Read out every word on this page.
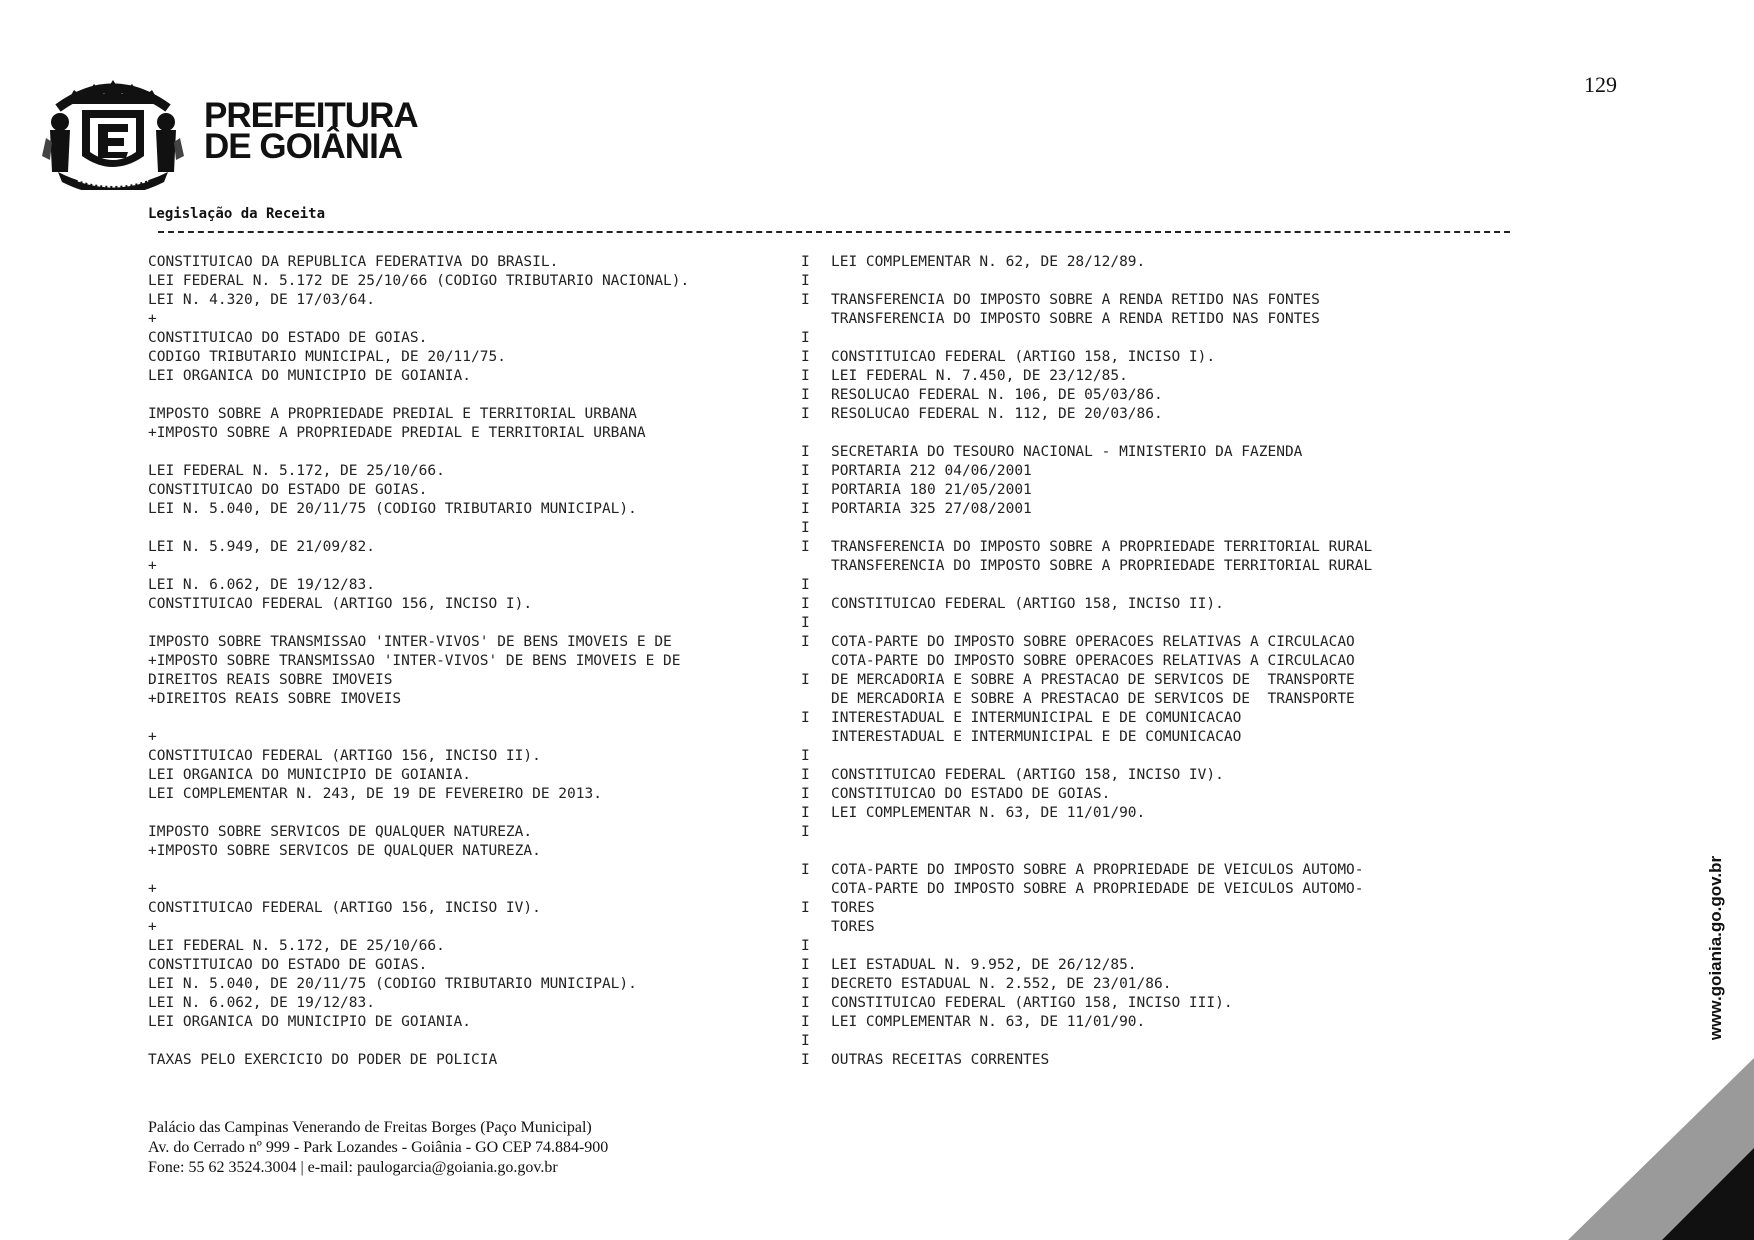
PREFEITURA
DE GOIÂNIA
129
Legislação da Receita
CONSTITUICAO DA REPUBLICA FEDERATIVA DO BRASIL.
LEI FEDERAL N. 5.172 DE 25/10/66 (CODIGO TRIBUTARIO NACIONAL).
LEI N. 4.320, DE 17/03/64.
+
CONSTITUICAO DO ESTADO DE GOIAS.
CODIGO TRIBUTARIO MUNICIPAL, DE 20/11/75.
LEI ORGANICA DO MUNICIPIO DE GOIANIA.

IMPOSTO SOBRE A PROPRIEDADE PREDIAL E TERRITORIAL URBANA
+IMPOSTO SOBRE A PROPRIEDADE PREDIAL E TERRITORIAL URBANA

LEI FEDERAL N. 5.172, DE 25/10/66.
CONSTITUICAO DO ESTADO DE GOIAS.
LEI N. 5.040, DE 20/11/75 (CODIGO TRIBUTARIO MUNICIPAL).

LEI N. 5.949, DE 21/09/82.
+
LEI N. 6.062, DE 19/12/83.
CONSTITUICAO FEDERAL (ARTIGO 156, INCISO I).

IMPOSTO SOBRE TRANSMISSAO 'INTER-VIVOS' DE BENS IMOVEIS E DE
+IMPOSTO SOBRE TRANSMISSAO 'INTER-VIVOS' DE BENS IMOVEIS E DE
DIREITOS REAIS SOBRE IMOVEIS
+DIREITOS REAIS SOBRE IMOVEIS

+
CONSTITUICAO FEDERAL (ARTIGO 156, INCISO II).
LEI ORGANICA DO MUNICIPIO DE GOIANIA.
LEI COMPLEMENTAR N. 243, DE 19 DE FEVEREIRO DE 2013.

IMPOSTO SOBRE SERVICOS DE QUALQUER NATUREZA.
+IMPOSTO SOBRE SERVICOS DE QUALQUER NATUREZA.

+
CONSTITUICAO FEDERAL (ARTIGO 156, INCISO IV).
+
LEI FEDERAL N. 5.172, DE 25/10/66.
CONSTITUICAO DO ESTADO DE GOIAS.
LEI N. 5.040, DE 20/11/75 (CODIGO TRIBUTARIO MUNICIPAL).
LEI N. 6.062, DE 19/12/83.
LEI ORGANICA DO MUNICIPIO DE GOIANIA.

TAXAS PELO EXERCICIO DO PODER DE POLICIA
I
I
I

I
I
I
I
I

I
I
I
I
I
I

I
I
I
I

I

I

I
I
I
I
I

I

I

I
I
I
I
I
I
I
LEI COMPLEMENTAR N. 62, DE 28/12/89.

TRANSFERENCIA DO IMPOSTO SOBRE A RENDA RETIDO NAS FONTES
TRANSFERENCIA DO IMPOSTO SOBRE A RENDA RETIDO NAS FONTES

CONSTITUICAO FEDERAL (ARTIGO 158, INCISO I).
LEI FEDERAL N. 7.450, DE 23/12/85.
RESOLUCAO FEDERAL N. 106, DE 05/03/86.
RESOLUCAO FEDERAL N. 112, DE 20/03/86.

SECRETARIA DO TESOURO NACIONAL - MINISTERIO DA FAZENDA
PORTARIA 212 04/06/2001
PORTARIA 180 21/05/2001
PORTARIA 325 27/08/2001

TRANSFERENCIA DO IMPOSTO SOBRE A PROPRIEDADE TERRITORIAL RURAL
TRANSFERENCIA DO IMPOSTO SOBRE A PROPRIEDADE TERRITORIAL RURAL

CONSTITUICAO FEDERAL (ARTIGO 158, INCISO II).

COTA-PARTE DO IMPOSTO SOBRE OPERACOES RELATIVAS A CIRCULACAO
COTA-PARTE DO IMPOSTO SOBRE OPERACOES RELATIVAS A CIRCULACAO
DE MERCADORIA E SOBRE A PRESTACAO DE SERVICOS DE  TRANSPORTE
DE MERCADORIA E SOBRE A PRESTACAO DE SERVICOS DE  TRANSPORTE
INTERESTADUAL E INTERMUNICIPAL E DE COMUNICACAO
INTERESTADUAL E INTERMUNICIPAL E DE COMUNICACAO

CONSTITUICAO FEDERAL (ARTIGO 158, INCISO IV).
CONSTITUICAO DO ESTADO DE GOIAS.
LEI COMPLEMENTAR N. 63, DE 11/01/90.

COTA-PARTE DO IMPOSTO SOBRE A PROPRIEDADE DE VEICULOS AUTOMO-
COTA-PARTE DO IMPOSTO SOBRE A PROPRIEDADE DE VEICULOS AUTOMO-
TORES
TORES

LEI ESTADUAL N. 9.952, DE 26/12/85.
DECRETO ESTADUAL N. 2.552, DE 23/01/86.
CONSTITUICAO FEDERAL (ARTIGO 158, INCISO III).
LEI COMPLEMENTAR N. 63, DE 11/01/90.

OUTRAS RECEITAS CORRENTES
Palácio das Campinas Venerando de Freitas Borges (Paço Municipal)
Av. do Cerrado nº 999 - Park Lozandes - Goiânia - GO CEP 74.884-900
Fone: 55 62 3524.3004 | e-mail: paulogarcia@goiania.go.gov.br
www.goiania.go.gov.br
